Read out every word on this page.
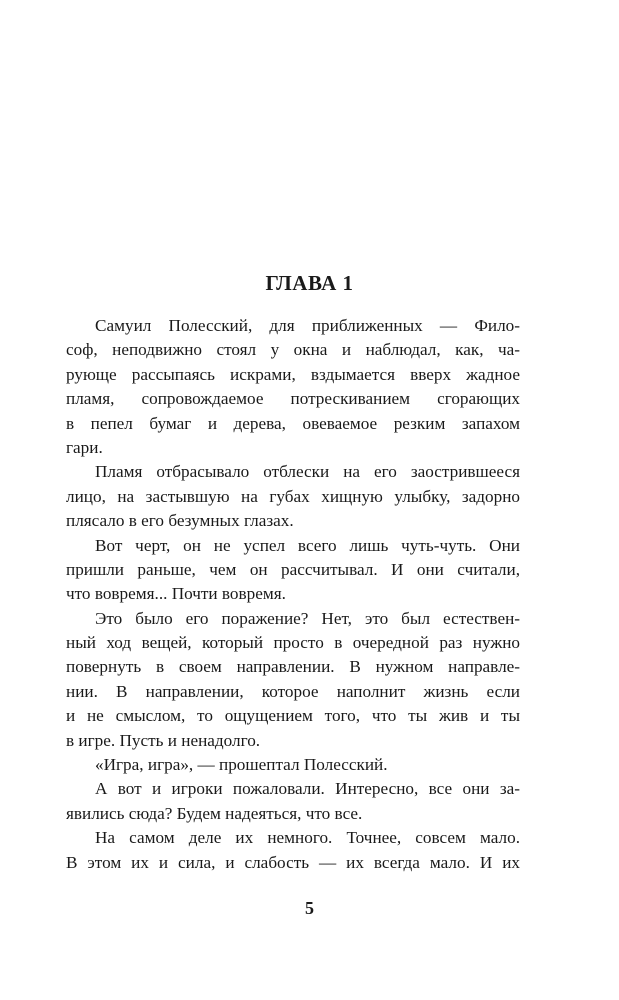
ГЛАВА 1
Самуил Полесский, для приближенных — Фило-
соф, неподвижно стоял у окна и наблюдал, как, ча-
рующе рассыпаясь искрами, вздымается вверх жадное
пламя, сопровождаемое потрескиванием сгорающих
в пепел бумаг и дерева, овеваемое резким запахом
гари.
Пламя отбрасывало отблески на его заострившееся
лицо, на застывшую на губах хищную улыбку, задорно
плясало в его безумных глазах.
Вот черт, он не успел всего лишь чуть-чуть. Они
пришли раньше, чем он рассчитывал. И они считали,
что вовремя... Почти вовремя.
Это было его поражение? Нет, это был естествен-
ный ход вещей, который просто в очередной раз нужно
повернуть в своем направлении. В нужном направле-
нии. В направлении, которое наполнит жизнь если
и не смыслом, то ощущением того, что ты жив и ты
в игре. Пусть и ненадолго.
«Игра, игра», — прошептал Полесский.
А вот и игроки пожаловали. Интересно, все они за-
явились сюда? Будем надеяться, что все.
На самом деле их немного. Точнее, совсем мало.
В этом их и сила, и слабость — их всегда мало. И их
5
